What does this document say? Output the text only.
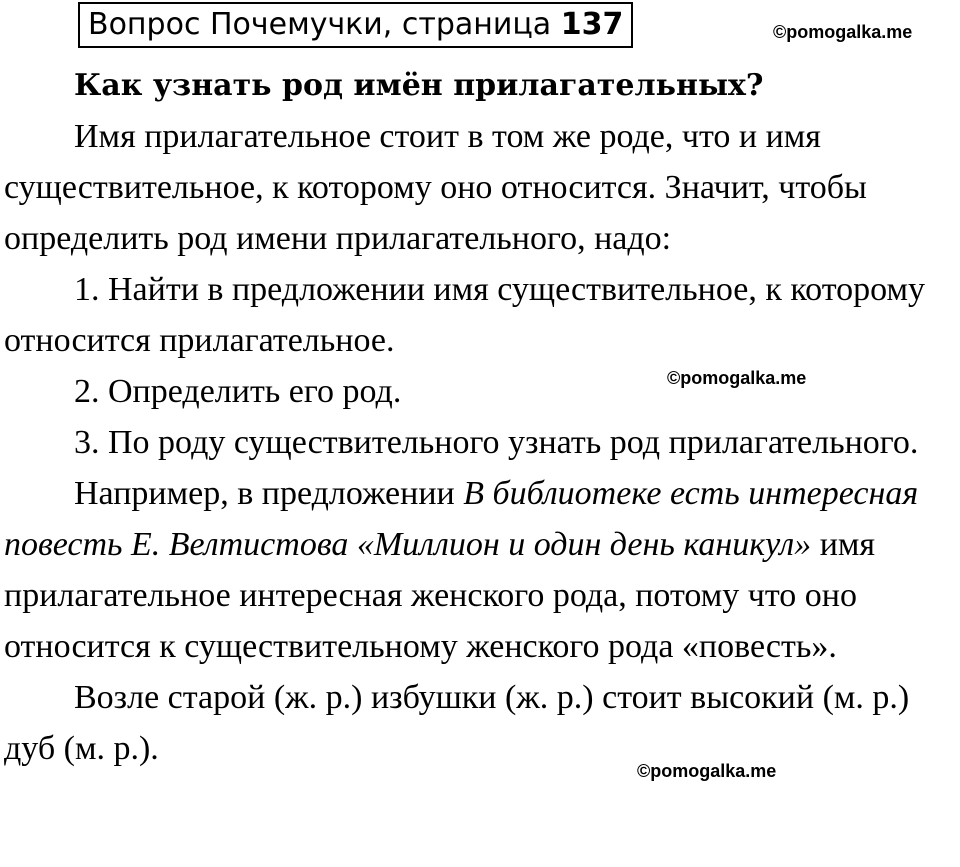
Вопрос Почемучки, страница 137	©pomogalka.me
©pomogalka.me
©pomogalka.me

Как узнать род имён прилагательных?

Имя прилагательное стоит в том же роде, что и имя существительное, к которому оно относится. Значит, чтобы определить род имени прилагательного, надо:

1. Найти в предложении имя существительное, к которому относится прилагательное.

2. Определить его род.

3. По роду существительного узнать род прилагательного.

Например, в предложении В библиотеке есть интересная повесть Е. Велтистова «Миллион и один день каникул» имя прилагательное интересная женского рода, потому что оно относится к существительному женского рода «повесть».

Возле старой (ж. р.) избушки (ж. р.) стоит высокий (м. р.) дуб (м. р.).
